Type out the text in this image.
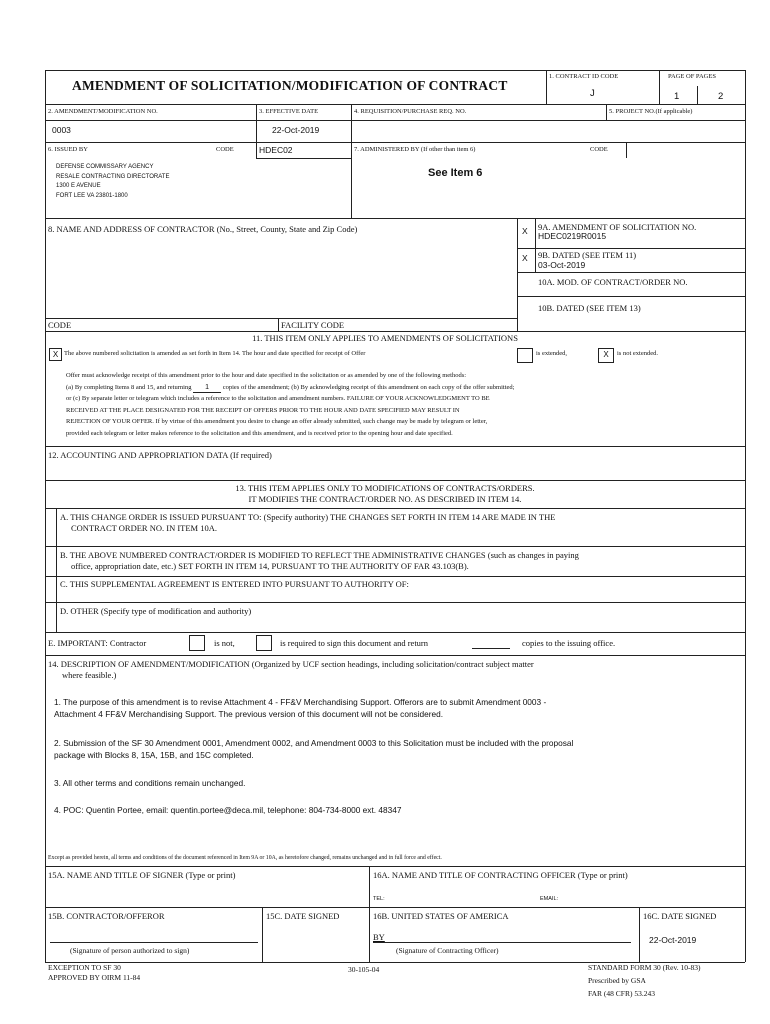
AMENDMENT OF SOLICITATION/MODIFICATION OF CONTRACT
1. CONTRACT ID CODE
J
PAGE OF PAGES
1	2
2. AMENDMENT/MODIFICATION NO.
0003
3. EFFECTIVE DATE
22-Oct-2019
4. REQUISITION/PURCHASE REQ. NO.	5. PROJECT NO.(If applicable)
6. ISSUED BY	CODE	HDEC02
DEFENSE COMMISSARY AGENCY
RESALE CONTRACTING DIRECTORATE
1300 E AVENUE
FORT LEE VA 23801-1800
7. ADMINISTERED BY (If other than item 6)	CODE
See Item 6
8. NAME AND ADDRESS OF CONTRACTOR (No., Street, County, State and Zip Code)
CODE	FACILITY CODE
X 9A. AMENDMENT OF SOLICITATION NO.
HDEC0219R0015
X 9B. DATED (SEE ITEM 11)
03-Oct-2019
10A. MOD. OF CONTRACT/ORDER NO.
10B. DATED (SEE ITEM 13)
11. THIS ITEM ONLY APPLIES TO AMENDMENTS OF SOLICITATIONS
X The above numbered solicitation is amended as set forth in Item 14. The hour and date specified for receipt of Offer	is extended,	X	is not extended.
Offer must acknowledge receipt of this amendment prior to the hour and date specified in the solicitation or as amended by one of the following methods:
(a) By completing Items 8 and 15, and returning 1 copies of the amendment; (b) By acknowledging receipt of this amendment on each copy of the offer submitted;
or (c) By separate letter or telegram which includes a reference to the solicitation and amendment numbers. FAILURE OF YOUR ACKNOWLEDGMENT TO BE
RECEIVED AT THE PLACE DESIGNATED FOR THE RECEIPT OF OFFERS PRIOR TO THE HOUR AND DATE SPECIFIED MAY RESULT IN
REJECTION OF YOUR OFFER. If by virtue of this amendment you desire to change an offer already submitted, such change may be made by telegram or letter,
provided each telegram or letter makes reference to the solicitation and this amendment, and is received prior to the opening hour and date specified.
12. ACCOUNTING AND APPROPRIATION DATA (If required)
13. THIS ITEM APPLIES ONLY TO MODIFICATIONS OF CONTRACTS/ORDERS.
IT MODIFIES THE CONTRACT/ORDER NO. AS DESCRIBED IN ITEM 14.
A. THIS CHANGE ORDER IS ISSUED PURSUANT TO: (Specify authority) THE CHANGES SET FORTH IN ITEM 14 ARE MADE IN THE
CONTRACT ORDER NO. IN ITEM 10A.
B. THE ABOVE NUMBERED CONTRACT/ORDER IS MODIFIED TO REFLECT THE ADMINISTRATIVE CHANGES (such as changes in paying
office, appropriation date, etc.) SET FORTH IN ITEM 14, PURSUANT TO THE AUTHORITY OF FAR 43.103(B).
C. THIS SUPPLEMENTAL AGREEMENT IS ENTERED INTO PURSUANT TO AUTHORITY OF:
D. OTHER (Specify type of modification and authority)
E. IMPORTANT: Contractor	is not,	is required to sign this document and return	copies to the issuing office.
14. DESCRIPTION OF AMENDMENT/MODIFICATION (Organized by UCF section headings, including solicitation/contract subject matter
where feasible.)
1. The purpose of this amendment is to revise Attachment 4 - FF&V Merchandising Support. Offerors are to submit Amendment 0003 -
Attachment 4 FF&V Merchandising Support. The previous version of this document will not be considered.
2. Submission of the SF 30 Amendment 0001, Amendment 0002, and Amendment 0003 to this Solicitation must be included with the proposal
package with Blocks 8, 15A, 15B, and 15C completed.
3. All other terms and conditions remain unchanged.
4. POC: Quentin Portee, email: quentin.portee@deca.mil, telephone: 804-734-8000 ext. 48347
Except as provided herein, all terms and conditions of the document referenced in Item 9A or 10A, as heretofore changed, remains unchanged and in full force and effect.
15A. NAME AND TITLE OF SIGNER (Type or print)	16A. NAME AND TITLE OF CONTRACTING OFFICER (Type or print)
TEL:	EMAIL:
15B. CONTRACTOR/OFFEROR	15C. DATE SIGNED	16B. UNITED STATES OF AMERICA
BY
16C. DATE SIGNED
22-Oct-2019
(Signature of person authorized to sign)	(Signature of Contracting Officer)
EXCEPTION TO SF 30
APPROVED BY OIRM 11-84
30-105-04	STANDARD FORM 30 (Rev. 10-83)
Prescribed by GSA
FAR (48 CFR) 53.243
